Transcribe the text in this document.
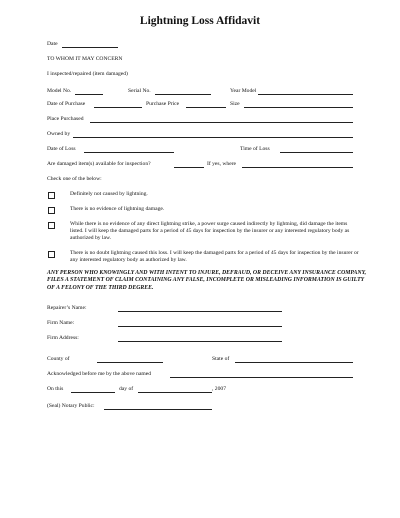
Lightning Loss Affidavit
Date
TO WHOM IT MAY CONCERN
I inspected/repaired (item damaged)
Model No.	Serial No.	Year Model
Date of Purchase	Purchase Price	Size
Place Purchased
Owned by
Date of Loss	Time of Loss
Are damaged item(s) available for inspection?	If yes, where
Check one of the below:
Definitely not caused by lightning.
There is no evidence of lightning damage.
While there is no evidence of any direct lightning strike, a power surge caused indirectly by lightning, did damage the items listed. I will keep the damaged parts for a period of 45 days for inspection by the insurer or any interested regulatory body as authorized by law.
There is no doubt lightning caused this loss. I will keep the damaged parts for a period of 45 days for inspection by the insurer or any interested regulatory body as authorized by law.
ANY PERSON WHO KNOWINGLY AND WITH INTENT TO INJURE, DEFRAUD, OR DECEIVE ANY INSURANCE COMPANY, FILES A STATEMENT OF CLAIM CONTAINING ANY FALSE, INCOMPLETE OR MISLEADING INFORMATION IS GUILTY OF A FELONY OF THE THIRD DEGREE.
Repairer’s Name:
Firm Name:
Firm Address:
County of	State of
Acknowledged before me by the above named
On this	day of	, 2007
(Seal) Notary Public:
